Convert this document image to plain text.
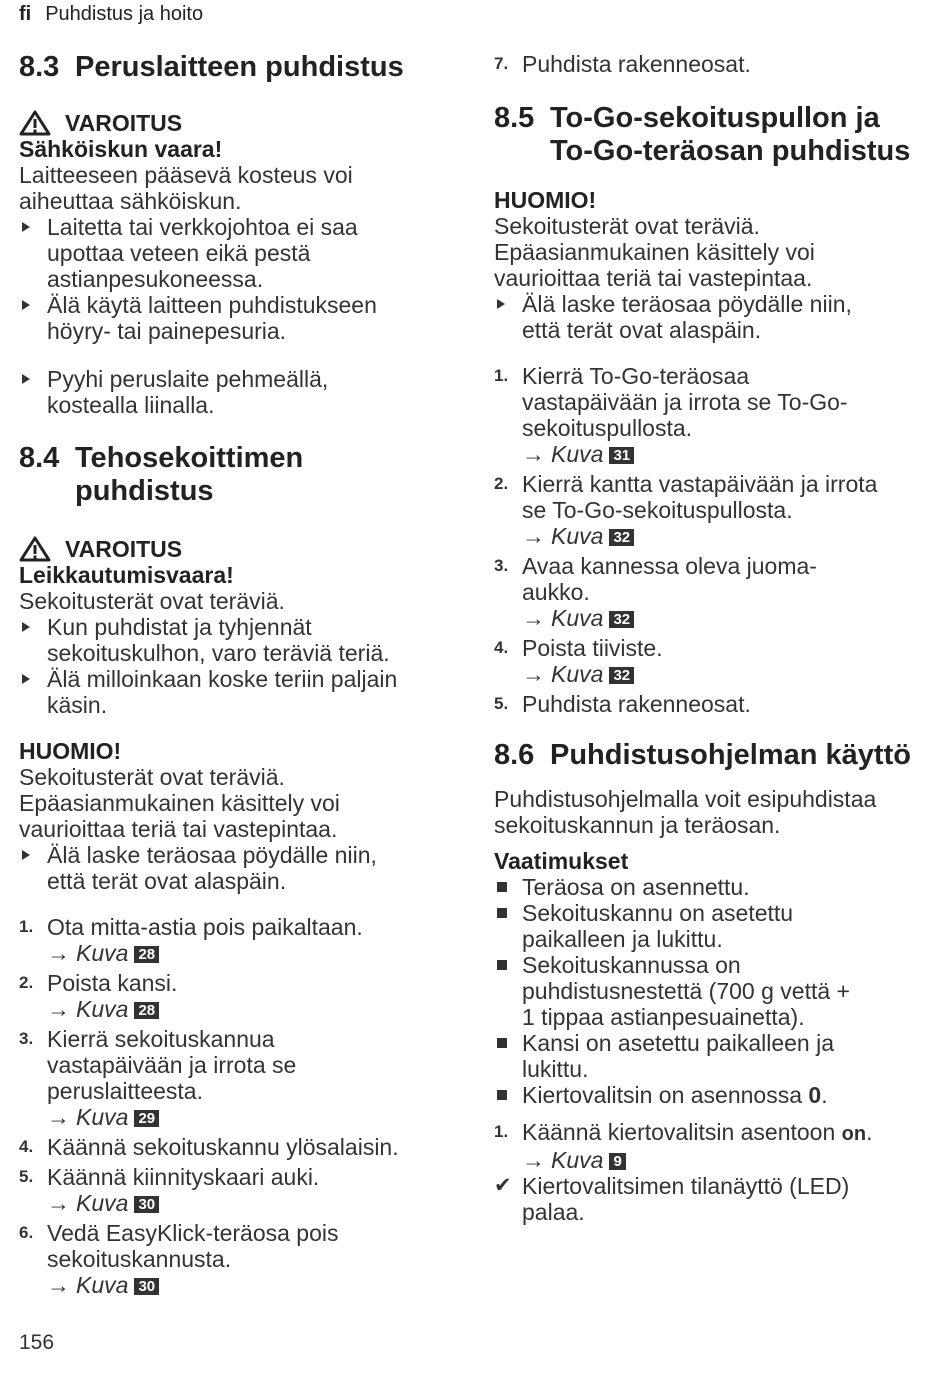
fi Puhdistus ja hoito
8.3 Peruslaitteen puhdistus
VAROITUS
Sähköiskun vaara!
Laitteeseen pääsevä kosteus voi
aiheuttaa sähköiskun.
Laitetta tai verkkojohtoa ei saa
upottaa veteen eikä pestä
astianpesukoneessa.
Älä käytä laitteen puhdistukseen
höyry- tai painepesuria.
Pyyhi peruslaite pehmeällä,
kostealla liinalla.
8.4 Tehosekoittimen
puhdistus
VAROITUS
Leikkautumisvaara!
Sekoitusterät ovat teräviä.
Kun puhdistat ja tyhjennät
sekoituskulhon, varo teräviä teriä.
Älä milloinkaan koske teriin paljain
käsin.
HUOMIO!
Sekoitusterät ovat teräviä.
Epäasianmukainen käsittely voi
vaurioittaa teriä tai vastepintaa.
Älä laske teräosaa pöydälle niin,
että terät ovat alaspäin.
1. Ota mitta-astia pois paikaltaan.
→ Kuva 28
2. Poista kansi.
→ Kuva 28
3. Kierrä sekoituskannua
vastapäivään ja irrota se
peruslaitteesta.
→ Kuva 29
4. Käännä sekoituskannu ylösalaisin.
5. Käännä kiinnityskaari auki.
→ Kuva 30
6. Vedä EasyKlick-teräosa pois
sekoituskannusta.
→ Kuva 30
7. Puhdista rakenneosat.
8.5 To-Go-sekoituspullon ja
To-Go-teräosan puhdistus
HUOMIO!
Sekoitusterät ovat teräviä.
Epäasianmukainen käsittely voi
vaurioittaa teriä tai vastepintaa.
Älä laske teräosaa pöydälle niin,
että terät ovat alaspäin.
1. Kierrä To-Go-teräosaa
vastapäivään ja irrota se To-Go-
sekoituspullosta.
→ Kuva 31
2. Kierrä kantta vastapäivään ja irrota
se To-Go-sekoituspullosta.
→ Kuva 32
3. Avaa kannessa oleva juoma-
aukko.
→ Kuva 32
4. Poista tiiviste.
→ Kuva 32
5. Puhdista rakenneosat.
8.6 Puhdistusohjelman käyttö
Puhdistusohjelmalla voit esipuhdistaa
sekoituskannun ja teräosan.
Vaatimukset
Teräosa on asennettu.
Sekoituskannu on asetettu
paikalleen ja lukittu.
Sekoituskannussa on
puhdistusnestettä (700 g vettä +
1 tippaa astianpesuainetta).
Kansi on asetettu paikalleen ja
lukittu.
Kiertovalitsin on asennossa 0.
1. Käännä kiertovalitsin asentoon on.
→ Kuva 9
✔ Kiertovalitsimen tilanäyttö (LED)
palaa.
156
